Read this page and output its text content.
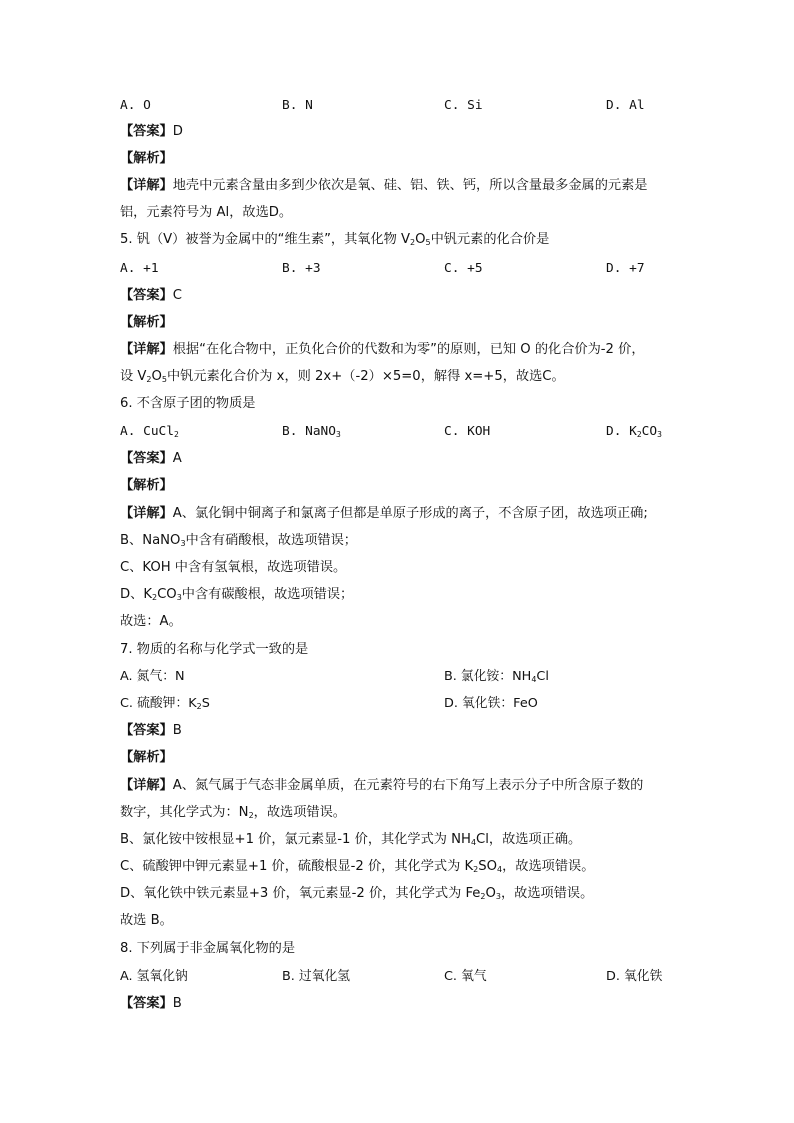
A. O	B. N	C. Si	D. Al
【答案】D
【解析】
【详解】地壳中元素含量由多到少依次是氧、硅、铝、铁、钙，所以含量最多金属的元素是
铝，元素符号为 Al，故选D。
5. 钒（V）被誉为金属中的“维生素”，其氧化物 $V_2O_5$中钒元素的化合价是
A. +1	B. +3	C. +5	D. +7
【答案】C
【解析】
【详解】根据“在化合物中，正负化合价的代数和为零”的原则，已知 O 的化合价为-2 价，
设 $V_2O_5$中钒元素化合价为 x，则 2x+（-2）×5=0，解得 x=+5，故选C。
6. 不含原子团的物质是
A. CuCl$_2$	B. NaNO$_3$	C. KOH	D. $K_2CO_3$
【答案】A
【解析】
【详解】A、氯化铜中铜离子和氯离子但都是单原子形成的离子，不含原子团，故选项正确;
B、NaNO$_3$中含有硝酸根，故选项错误；
C、KOH 中含有氢氧根，故选项错误。
D、$K_2CO_3$中含有碳酸根，故选项错误；
故选：A。
7. 物质的名称与化学式一致的是
A. 氮气：N	B. 氯化铵：$NH_4Cl$
C. 硫酸钾：$K_2S$	D. 氧化铁：FeO
【答案】B
【解析】
【详解】A、氮气属于气态非金属单质，在元素符号的右下角写上表示分子中所含原子数的
数字，其化学式为：$N_2$，故选项错误。
B、氯化铵中铵根显+1 价，氯元素显-1 价，其化学式为 $NH_4Cl$，故选项正确。
C、硫酸钾中钾元素显+1 价，硫酸根显-2 价，其化学式为 $K_2SO_4$，故选项错误。
D、氧化铁中铁元素显+3 价，氧元素显-2 价，其化学式为 $Fe_2O_3$，故选项错误。
故选 B。
8. 下列属于非金属氧化物的是
A. 氢氧化钠	B. 过氧化氢	C. 氧气	D. 氧化铁
【答案】B
